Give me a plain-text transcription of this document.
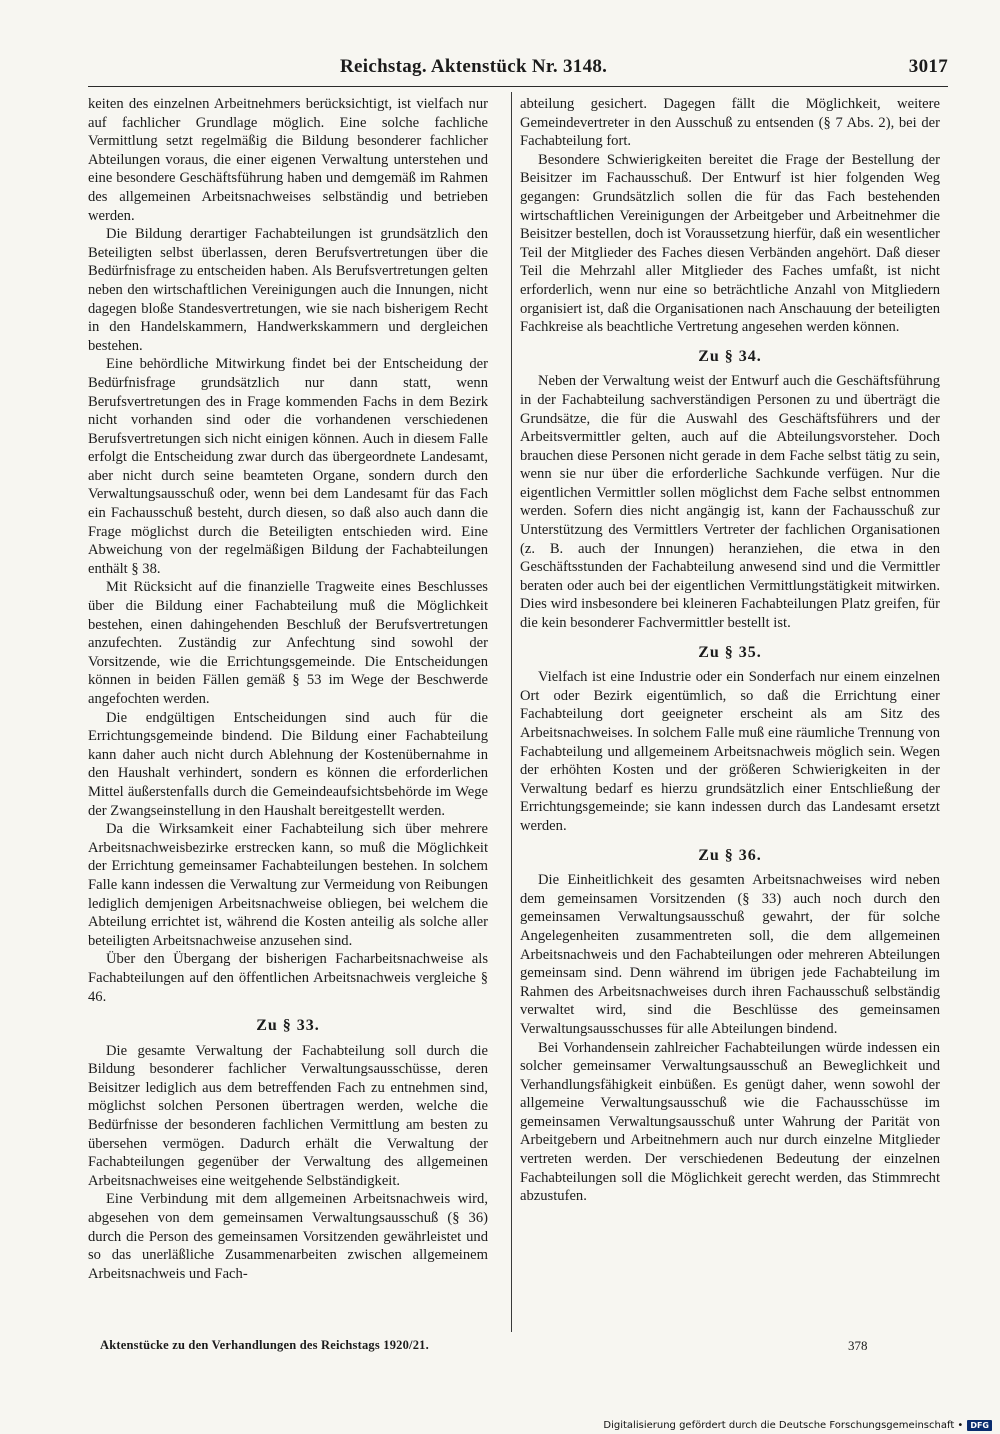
Reichstag. Aktenstück Nr. 3148.	3017

keiten des einzelnen Arbeitnehmers berücksichtigt, ist vielfach nur auf fachlicher Grundlage möglich. Eine solche fachliche Vermittlung setzt regelmäßig die Bildung besonderer fachlicher Abteilungen voraus, die einer eigenen Verwaltung unterstehen und eine besondere Geschäftsführung haben und demgemäß im Rahmen des allgemeinen Arbeitsnachweises selbständig und betrieben werden.

Die Bildung derartiger Fachabteilungen ist grundsätzlich den Beteiligten selbst überlassen, deren Berufsvertretungen über die Bedürfnisfrage zu entscheiden haben. Als Berufsvertretungen gelten neben den wirtschaftlichen Vereinigungen auch die Innungen, nicht dagegen bloße Standesvertretungen, wie sie nach bisherigem Recht in den Handelskammern, Handwerkskammern und dergleichen bestehen.

Eine behördliche Mitwirkung findet bei der Entscheidung der Bedürfnisfrage grundsätzlich nur dann statt, wenn Berufsvertretungen des in Frage kommenden Fachs in dem Bezirk nicht vorhanden sind oder die vorhandenen verschiedenen Berufsvertretungen sich nicht einigen können. Auch in diesem Falle erfolgt die Entscheidung zwar durch das übergeordnete Landesamt, aber nicht durch seine beamteten Organe, sondern durch den Verwaltungsausschuß oder, wenn bei dem Landesamt für das Fach ein Fachausschuß besteht, durch diesen, so daß also auch dann die Frage möglichst durch die Beteiligten entschieden wird. Eine Abweichung von der regelmäßigen Bildung der Fachabteilungen enthält § 38.

Mit Rücksicht auf die finanzielle Tragweite eines Beschlusses über die Bildung einer Fachabteilung muß die Möglichkeit bestehen, einen dahingehenden Beschluß der Berufsvertretungen anzufechten. Zuständig zur Anfechtung sind sowohl der Vorsitzende, wie die Errichtungsgemeinde. Die Entscheidungen können in beiden Fällen gemäß § 53 im Wege der Beschwerde angefochten werden.

Die endgültigen Entscheidungen sind auch für die Errichtungsgemeinde bindend. Die Bildung einer Fachabteilung kann daher auch nicht durch Ablehnung der Kostenübernahme in den Haushalt verhindert, sondern es können die erforderlichen Mittel äußerstenfalls durch die Gemeindeaufsichtsbehörde im Wege der Zwangseinstellung in den Haushalt bereitgestellt werden.

Da die Wirksamkeit einer Fachabteilung sich über mehrere Arbeitsnachweisbezirke erstrecken kann, so muß die Möglichkeit der Errichtung gemeinsamer Fachabteilungen bestehen. In solchem Falle kann indessen die Verwaltung zur Vermeidung von Reibungen lediglich demjenigen Arbeitsnachweise obliegen, bei welchem die Abteilung errichtet ist, während die Kosten anteilig als solche aller beteiligten Arbeitsnachweise anzusehen sind.

Über den Übergang der bisherigen Facharbeitsnachweise als Fachabteilungen auf den öffentlichen Arbeitsnachweis vergleiche § 46.

Zu § 33.

Die gesamte Verwaltung der Fachabteilung soll durch die Bildung besonderer fachlicher Verwaltungsausschüsse, deren Beisitzer lediglich aus dem betreffenden Fach zu entnehmen sind, möglichst solchen Personen übertragen werden, welche die Bedürfnisse der besonderen fachlichen Vermittlung am besten zu übersehen vermögen. Dadurch erhält die Verwaltung der Fachabteilungen gegenüber der Verwaltung des allgemeinen Arbeitsnachweises eine weitgehende Selbständigkeit.

Eine Verbindung mit dem allgemeinen Arbeitsnachweis wird, abgesehen von dem gemeinsamen Verwaltungsausschuß (§ 36) durch die Person des gemeinsamen Vorsitzenden gewährleistet und so das unerläßliche Zusammenarbeiten zwischen allgemeinem Arbeitsnachweis und Fach-

abteilung gesichert. Dagegen fällt die Möglichkeit, weitere Gemeindevertreter in den Ausschuß zu entsenden (§ 7 Abs. 2), bei der Fachabteilung fort.

Besondere Schwierigkeiten bereitet die Frage der Bestellung der Beisitzer im Fachausschuß. Der Entwurf ist hier folgenden Weg gegangen: Grundsätzlich sollen die für das Fach bestehenden wirtschaftlichen Vereinigungen der Arbeitgeber und Arbeitnehmer die Beisitzer bestellen, doch ist Voraussetzung hierfür, daß ein wesentlicher Teil der Mitglieder des Faches diesen Verbänden angehört. Daß dieser Teil die Mehrzahl aller Mitglieder des Faches umfaßt, ist nicht erforderlich, wenn nur eine so beträchtliche Anzahl von Mitgliedern organisiert ist, daß die Organisationen nach Anschauung der beteiligten Fachkreise als beachtliche Vertretung angesehen werden können.

Zu § 34.

Neben der Verwaltung weist der Entwurf auch die Geschäftsführung in der Fachabteilung sachverständigen Personen zu und überträgt die Grundsätze, die für die Auswahl des Geschäftsführers und der Arbeitsvermittler gelten, auch auf die Abteilungsvorsteher. Doch brauchen diese Personen nicht gerade in dem Fache selbst tätig zu sein, wenn sie nur über die erforderliche Sachkunde verfügen. Nur die eigentlichen Vermittler sollen möglichst dem Fache selbst entnommen werden. Sofern dies nicht angängig ist, kann der Fachausschuß zur Unterstützung des Vermittlers Vertreter der fachlichen Organisationen (z. B. auch der Innungen) heranziehen, die etwa in den Geschäftsstunden der Fachabteilung anwesend sind und die Vermittler beraten oder auch bei der eigentlichen Vermittlungstätigkeit mitwirken. Dies wird insbesondere bei kleineren Fachabteilungen Platz greifen, für die kein besonderer Fachvermittler bestellt ist.

Zu § 35.

Vielfach ist eine Industrie oder ein Sonderfach nur einem einzelnen Ort oder Bezirk eigentümlich, so daß die Errichtung einer Fachabteilung dort geeigneter erscheint als am Sitz des Arbeitsnachweises. In solchem Falle muß eine räumliche Trennung von Fachabteilung und allgemeinem Arbeitsnachweis möglich sein. Wegen der erhöhten Kosten und der größeren Schwierigkeiten in der Verwaltung bedarf es hierzu grundsätzlich einer Entschließung der Errichtungsgemeinde; sie kann indessen durch das Landesamt ersetzt werden.

Zu § 36.

Die Einheitlichkeit des gesamten Arbeitsnachweises wird neben dem gemeinsamen Vorsitzenden (§ 33) auch noch durch den gemeinsamen Verwaltungsausschuß gewahrt, der für solche Angelegenheiten zusammentreten soll, die dem allgemeinen Arbeitsnachweis und den Fachabteilungen oder mehreren Abteilungen gemeinsam sind. Denn während im übrigen jede Fachabteilung im Rahmen des Arbeitsnachweises durch ihren Fachausschuß selbständig verwaltet wird, sind die Beschlüsse des gemeinsamen Verwaltungsausschusses für alle Abteilungen bindend.

Bei Vorhandensein zahlreicher Fachabteilungen würde indessen ein solcher gemeinsamer Verwaltungsausschuß an Beweglichkeit und Verhandlungsfähigkeit einbüßen. Es genügt daher, wenn sowohl der allgemeine Verwaltungsausschuß wie die Fachausschüsse im gemeinsamen Verwaltungsausschuß unter Wahrung der Parität von Arbeitgebern und Arbeitnehmern auch nur durch einzelne Mitglieder vertreten werden. Der verschiedenen Bedeutung der einzelnen Fachabteilungen soll die Möglichkeit gerecht werden, das Stimmrecht abzustufen.

Aktenstücke zu den Verhandlungen des Reichstags 1920/21.	378
Digitalisierung gefördert durch die Deutsche Forschungsgemeinschaft • DFG
